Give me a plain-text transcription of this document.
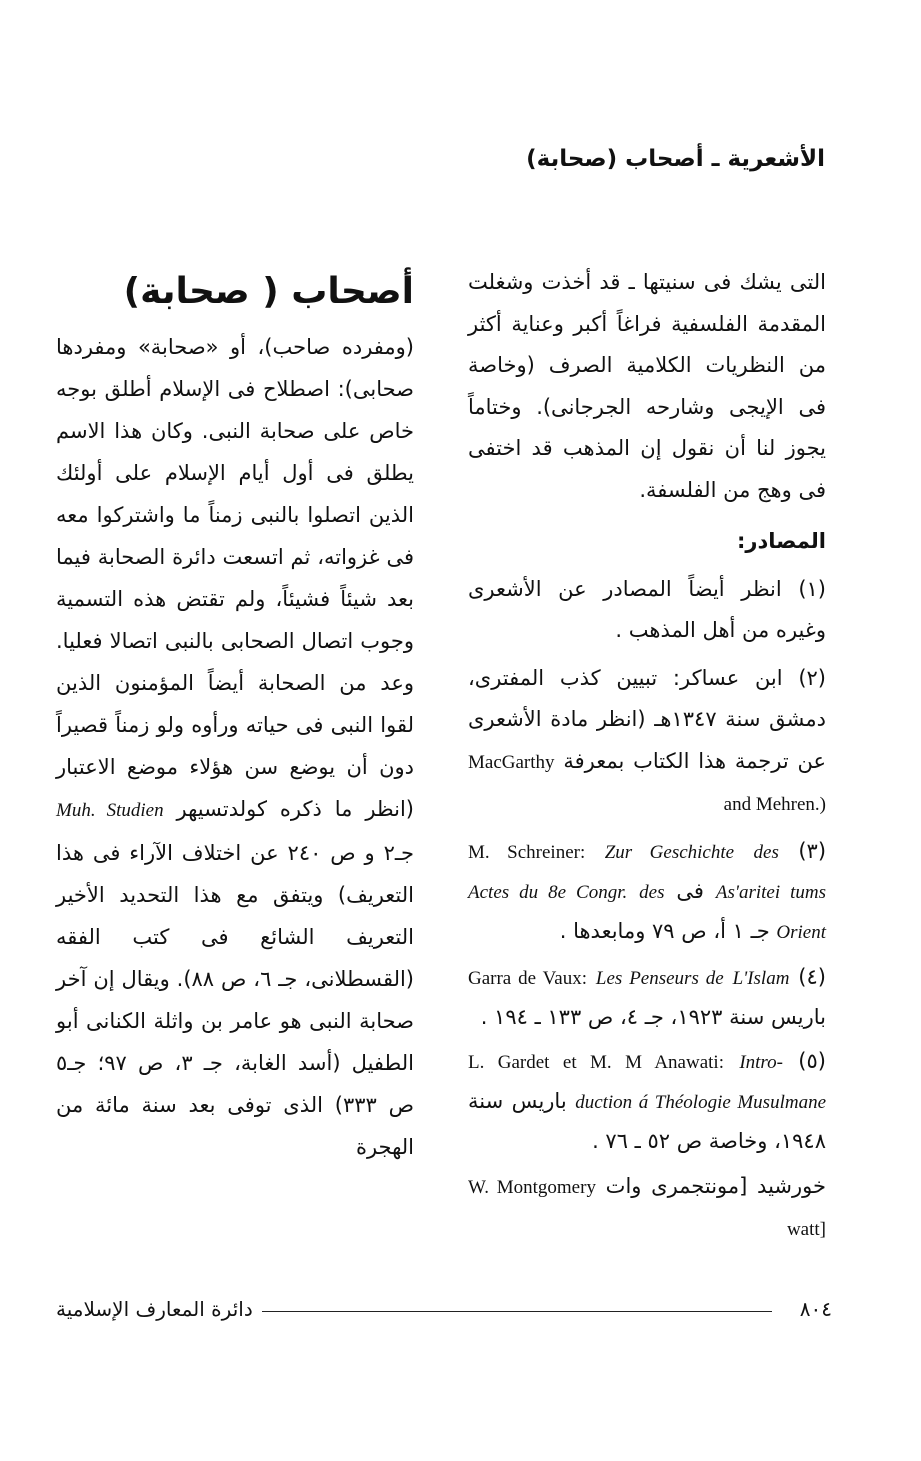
الأشعرية ـ أصحاب (صحابة)

التى يشك فى سنيتها ـ قد أخذت وشغلت المقدمة الفلسفية فراغاً أكبر وعناية أكثر من النظريات الكلامية الصرف (وخاصة فى الإيجى وشارحه الجرجانى). وختاماً يجوز لنا أن نقول إن المذهب قد اختفى فى وهج من الفلسفة.

المصادر:

(١) انظر أيضاً المصادر عن الأشعرى وغيره من أهل المذهب .

(٢) ابن عساكر: تبيين كذب المفترى، دمشق سنة ١٣٤٧هـ (انظر مادة الأشعرى عن ترجمة هذا الكتاب بمعرفة MacGarthy and Mehren.)

(٣) M. Schreiner: Zur Geschichte des As'aritei tums فى Actes du 8e Congr. des Orient جـ ١ أ، ص ٧٩ ومابعدها .

(٤) Garra de Vaux: Les Penseurs de L'Islam باريس سنة ١٩٢٣، جـ ٤، ص ١٣٣ ـ ١٩٤ .

(٥) L. Gardet et M. M Anawati: Intro- duction á Théologie Musulmane باريس سنة ١٩٤٨، وخاصة ص ٥٢ ـ ٧٦ .

خورشيد [مونتجمرى وات W. Montgomery watt]

أصحاب ( صحابة)

(ومفرده صاحب)، أو «صحابة» ومفردها صحابى): اصطلاح فى الإسلام أطلق بوجه خاص على صحابة النبى. وكان هذا الاسم يطلق فى أول أيام الإسلام على أولئك الذين اتصلوا بالنبى زمناً ما واشتركوا معه فى غزواته، ثم اتسعت دائرة الصحابة فيما بعد شيئاً فشيئاً، ولم تقتض هذه التسمية وجوب اتصال الصحابى بالنبى اتصالا فعليا. وعد من الصحابة أيضاً المؤمنون الذين لقوا النبى فى حياته ورأوه ولو زمناً قصيراً دون أن يوضع سن هؤلاء موضع الاعتبار (انظر ما ذكره كولدتسيهر Muh. Studien جـ٢ و ص ٢٤٠ عن اختلاف الآراء فى هذا التعريف) ويتفق مع هذا التحديد الأخير التعريف الشائع فى كتب الفقه (القسطلانى، جـ ٦، ص ٨٨). ويقال إن آخر صحابة النبى هو عامر بن واثلة الكنانى أبو الطفيل (أسد الغابة، جـ ٣، ص ٩٧؛ جـ٥ ص ٣٣٣) الذى توفى بعد سنة مائة من الهجرة

دائرة المعارف الإسلامية	٨٠٤
